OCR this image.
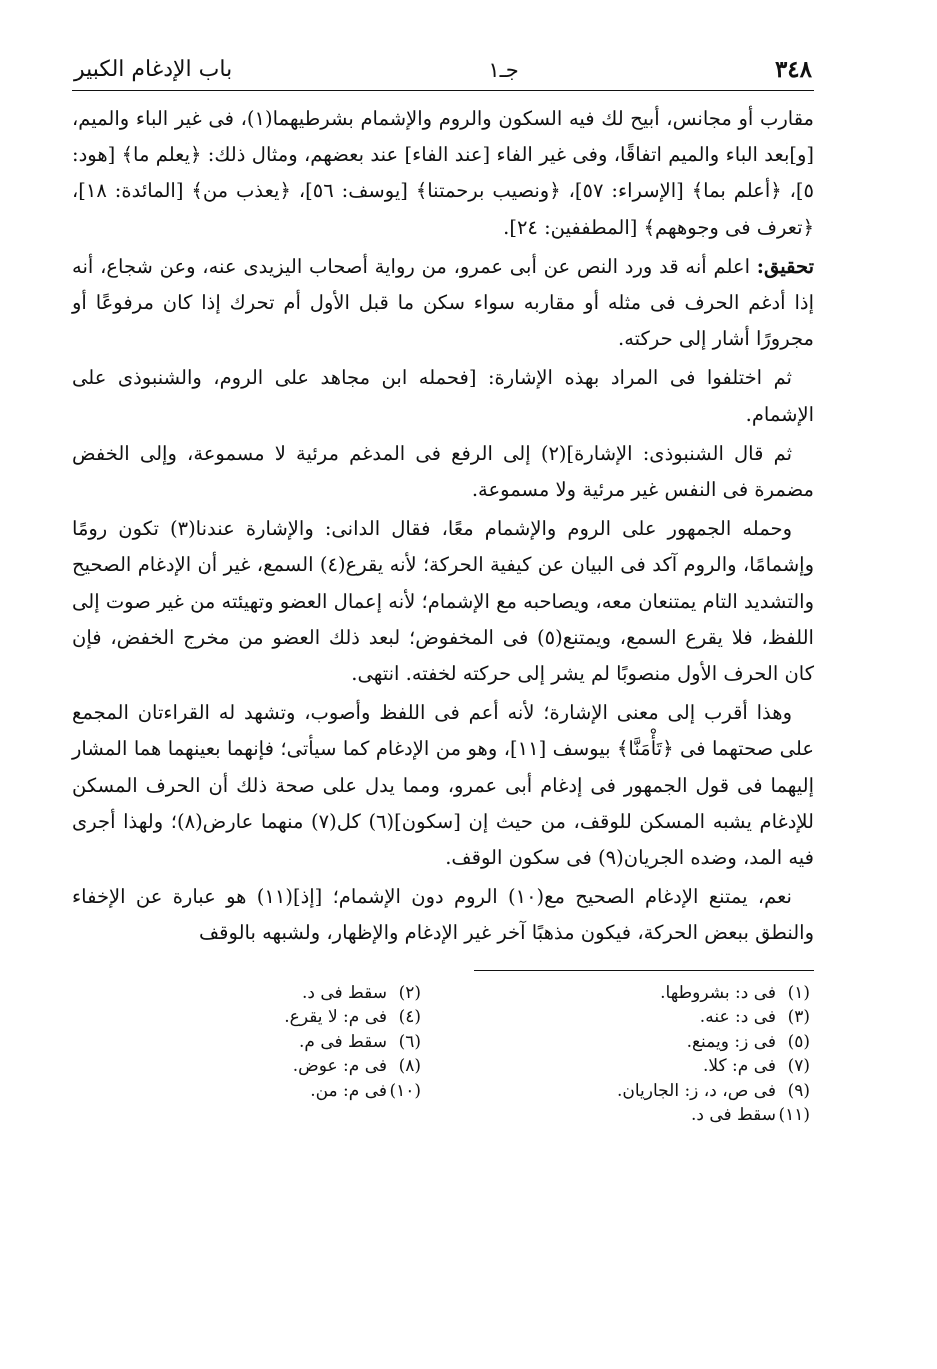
٣٤٨
جـ١
باب الإدغام الكبير

مقارب أو مجانس، أبيح لك فيه السكون والروم والإشمام بشرطيهما(١)، فى غير الباء والميم، [و]بعد الباء والميم اتفاقًا، وفى غير الفاء [عند الفاء] عند بعضهم، ومثال ذلك: ﴿يعلم ما﴾ [هود: ٥]، ﴿أعلم بما﴾ [الإسراء: ٥٧]، ﴿ونصيب برحمتنا﴾ [يوسف: ٥٦]، ﴿يعذب من﴾ [المائدة: ١٨]، ﴿تعرف فى وجوههم﴾ [المطففين: ٢٤].

تحقيق: اعلم أنه قد ورد النص عن أبى عمرو، من رواية أصحاب اليزيدى عنه، وعن شجاع، أنه إذا أدغم الحرف فى مثله أو مقاربه سواء سكن ما قبل الأول أم تحرك إذا كان مرفوعًا أو مجرورًا أشار إلى حركته.

ثم اختلفوا فى المراد بهذه الإشارة: [فحمله ابن مجاهد على الروم، والشنبوذى على الإشمام.

ثم قال الشنبوذى: الإشارة](٢) إلى الرفع فى المدغم مرئية لا مسموعة، وإلى الخفض مضمرة فى النفس غير مرئية ولا مسموعة.

وحمله الجمهور على الروم والإشمام معًا، فقال الدانى: والإشارة عندنا(٣) تكون رومًا وإشمامًا، والروم آكد فى البيان عن كيفية الحركة؛ لأنه يقرع(٤) السمع، غير أن الإدغام الصحيح والتشديد التام يمتنعان معه، ويصاحبه مع الإشمام؛ لأنه إعمال العضو وتهيئته من غير صوت إلى اللفظ، فلا يقرع السمع، ويمتنع(٥) فى المخفوض؛ لبعد ذلك العضو من مخرج الخفض، فإن كان الحرف الأول منصوبًا لم يشر إلى حركته لخفته. انتهى.

وهذا أقرب إلى معنى الإشارة؛ لأنه أعم فى اللفظ وأصوب، وتشهد له القراءتان المجمع على صحتهما فى ﴿تَأْمَنَّا﴾ بيوسف [١١]، وهو من الإدغام كما سيأتى؛ فإنهما بعينهما هما المشار إليهما فى قول الجمهور فى إدغام أبى عمرو، ومما يدل على صحة ذلك أن الحرف المسكن للإدغام يشبه المسكن للوقف، من حيث إن [سكون](٦) كل(٧) منهما عارض(٨)؛ ولهذا أجرى فيه المد، وضده الجريان(٩) فى سكون الوقف.

نعم، يمتنع الإدغام الصحيح مع(١٠) الروم دون الإشمام؛ [إذ](١١) هو عبارة عن الإخفاء والنطق ببعض الحركة، فيكون مذهبًا آخر غير الإدغام والإظهار، ولشبهه بالوقف

(١)فى د: بشروطها.
(٢)سقط فى د.
(٣)فى د: عنه.
(٤)فى م: لا يقرع.
(٥)فى ز: ويمنع.
(٦)سقط فى م.
(٧)فى م: كلا.
(٨)فى م: عوض.
(٩)فى ص، د، ز: الجاريان.
(١٠)فى م: من.
(١١)سقط فى د.
